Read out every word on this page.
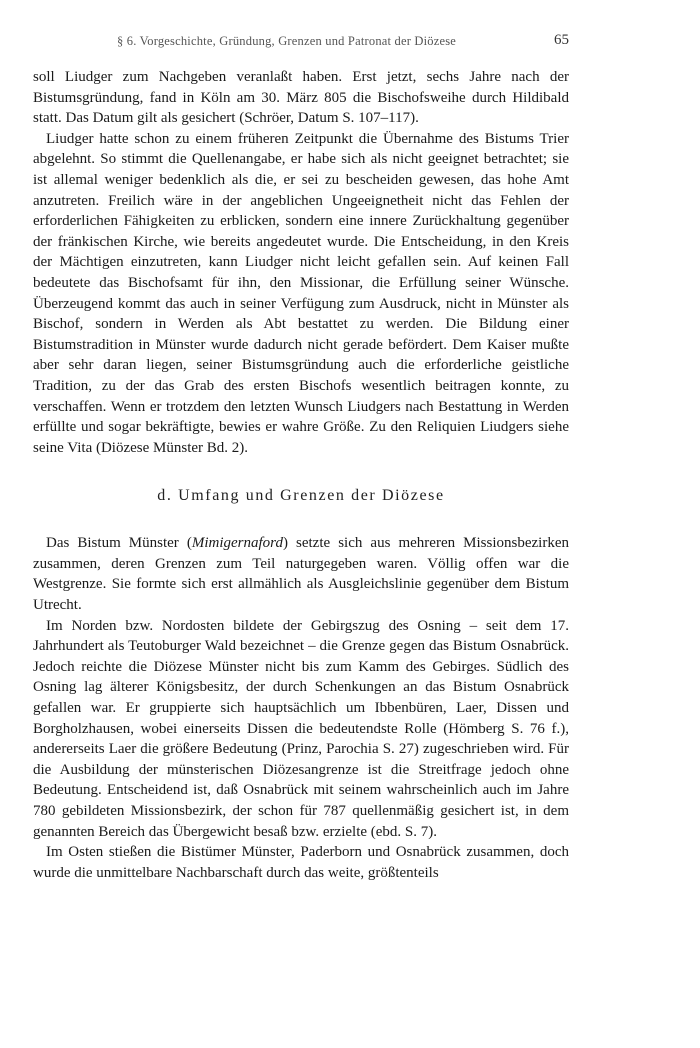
§ 6. Vorgeschichte, Gründung, Grenzen und Patronat der Diözese	65

soll Liudger zum Nachgeben veranlaßt haben. Erst jetzt, sechs Jahre nach der Bistumsgründung, fand in Köln am 30. März 805 die Bischofsweihe durch Hildibald statt. Das Datum gilt als gesichert (Schröer, Datum S. 107–117).

Liudger hatte schon zu einem früheren Zeitpunkt die Übernahme des Bistums Trier abgelehnt. So stimmt die Quellenangabe, er habe sich als nicht geeignet betrachtet; sie ist allemal weniger bedenklich als die, er sei zu bescheiden gewesen, das hohe Amt anzutreten. Freilich wäre in der angeblichen Ungeeignetheit nicht das Fehlen der erforderlichen Fähigkeiten zu erblicken, sondern eine innere Zurückhaltung gegenüber der fränkischen Kirche, wie bereits angedeutet wurde. Die Entscheidung, in den Kreis der Mächtigen einzutreten, kann Liudger nicht leicht gefallen sein. Auf keinen Fall bedeutete das Bischofsamt für ihn, den Missionar, die Erfüllung seiner Wünsche. Überzeugend kommt das auch in seiner Verfügung zum Ausdruck, nicht in Münster als Bischof, sondern in Werden als Abt bestattet zu werden. Die Bildung einer Bistumstradition in Münster wurde dadurch nicht gerade befördert. Dem Kaiser mußte aber sehr daran liegen, seiner Bistumsgründung auch die erforderliche geistliche Tradition, zu der das Grab des ersten Bischofs wesentlich beitragen konnte, zu verschaffen. Wenn er trotzdem den letzten Wunsch Liudgers nach Bestattung in Werden erfüllte und sogar bekräftigte, bewies er wahre Größe. Zu den Reliquien Liudgers siehe seine Vita (Diözese Münster Bd. 2).

d. Umfang und Grenzen der Diözese

Das Bistum Münster (Mimigernaford) setzte sich aus mehreren Missionsbezirken zusammen, deren Grenzen zum Teil naturgegeben waren. Völlig offen war die Westgrenze. Sie formte sich erst allmählich als Ausgleichslinie gegenüber dem Bistum Utrecht.

Im Norden bzw. Nordosten bildete der Gebirgszug des Osning – seit dem 17. Jahrhundert als Teutoburger Wald bezeichnet – die Grenze gegen das Bistum Osnabrück. Jedoch reichte die Diözese Münster nicht bis zum Kamm des Gebirges. Südlich des Osning lag älterer Königsbesitz, der durch Schenkungen an das Bistum Osnabrück gefallen war. Er gruppierte sich hauptsächlich um Ibbenbüren, Laer, Dissen und Borgholzhausen, wobei einerseits Dissen die bedeutendste Rolle (Hömberg S. 76 f.), andererseits Laer die größere Bedeutung (Prinz, Parochia S. 27) zugeschrieben wird. Für die Ausbildung der münsterischen Diözesangrenze ist die Streitfrage jedoch ohne Bedeutung. Entscheidend ist, daß Osnabrück mit seinem wahrscheinlich auch im Jahre 780 gebildeten Missionsbezirk, der schon für 787 quellenmäßig gesichert ist, in dem genannten Bereich das Übergewicht besaß bzw. erzielte (ebd. S. 7).

Im Osten stießen die Bistümer Münster, Paderborn und Osnabrück zusammen, doch wurde die unmittelbare Nachbarschaft durch das weite, größtenteils
